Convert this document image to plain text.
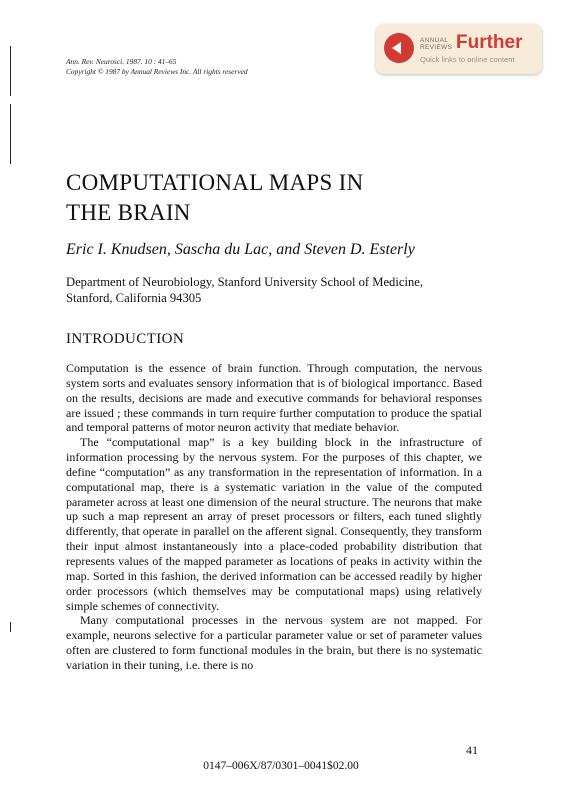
Ann. Rev. Neurosci. 1987. 10 : 41–65
Copyright © 1987 by Annual Reviews Inc. All rights reserved
ANNUAL
REVIEWS Further
Quick links to online content
COMPUTATIONAL MAPS IN
THE BRAIN
Eric I. Knudsen, Sascha du Lac, and Steven D. Esterly
Department of Neurobiology, Stanford University School of Medicine,
Stanford, California 94305
INTRODUCTION

Computation is the essence of brain function. Through computation, the nervous system sorts and evaluates sensory information that is of biological importancc. Based on the results, decisions are made and executive commands for behavioral responses are issued ; these commands in turn require further computation to produce the spatial and temporal patterns of motor neuron activity that mediate behavior.

The “computational map” is a key building block in the infrastructure of information processing by the nervous system. For the purposes of this chapter, we define “computation” as any transformation in the representation of information. In a computational map, there is a systematic variation in the value of the computed parameter across at least one dimension of the neural structure. The neurons that make up such a map represent an array of preset processors or filters, each tuned slightly differently, that operate in parallel on the afferent signal. Consequently, they transform their input almost instantaneously into a place-coded probability distribution that represents values of the mapped parameter as locations of peaks in activity within the map. Sorted in this fashion, the derived information can be accessed readily by higher order processors (which themselves may be computational maps) using relatively simple schemes of connectivity.

Many computational processes in the nervous system are not mapped. For example, neurons selective for a particular parameter value or set of parameter values often are clustered to form functional modules in the brain, but there is no systematic variation in their tuning, i.e. there is no

41
0147–006X/87/0301–0041$02.00
